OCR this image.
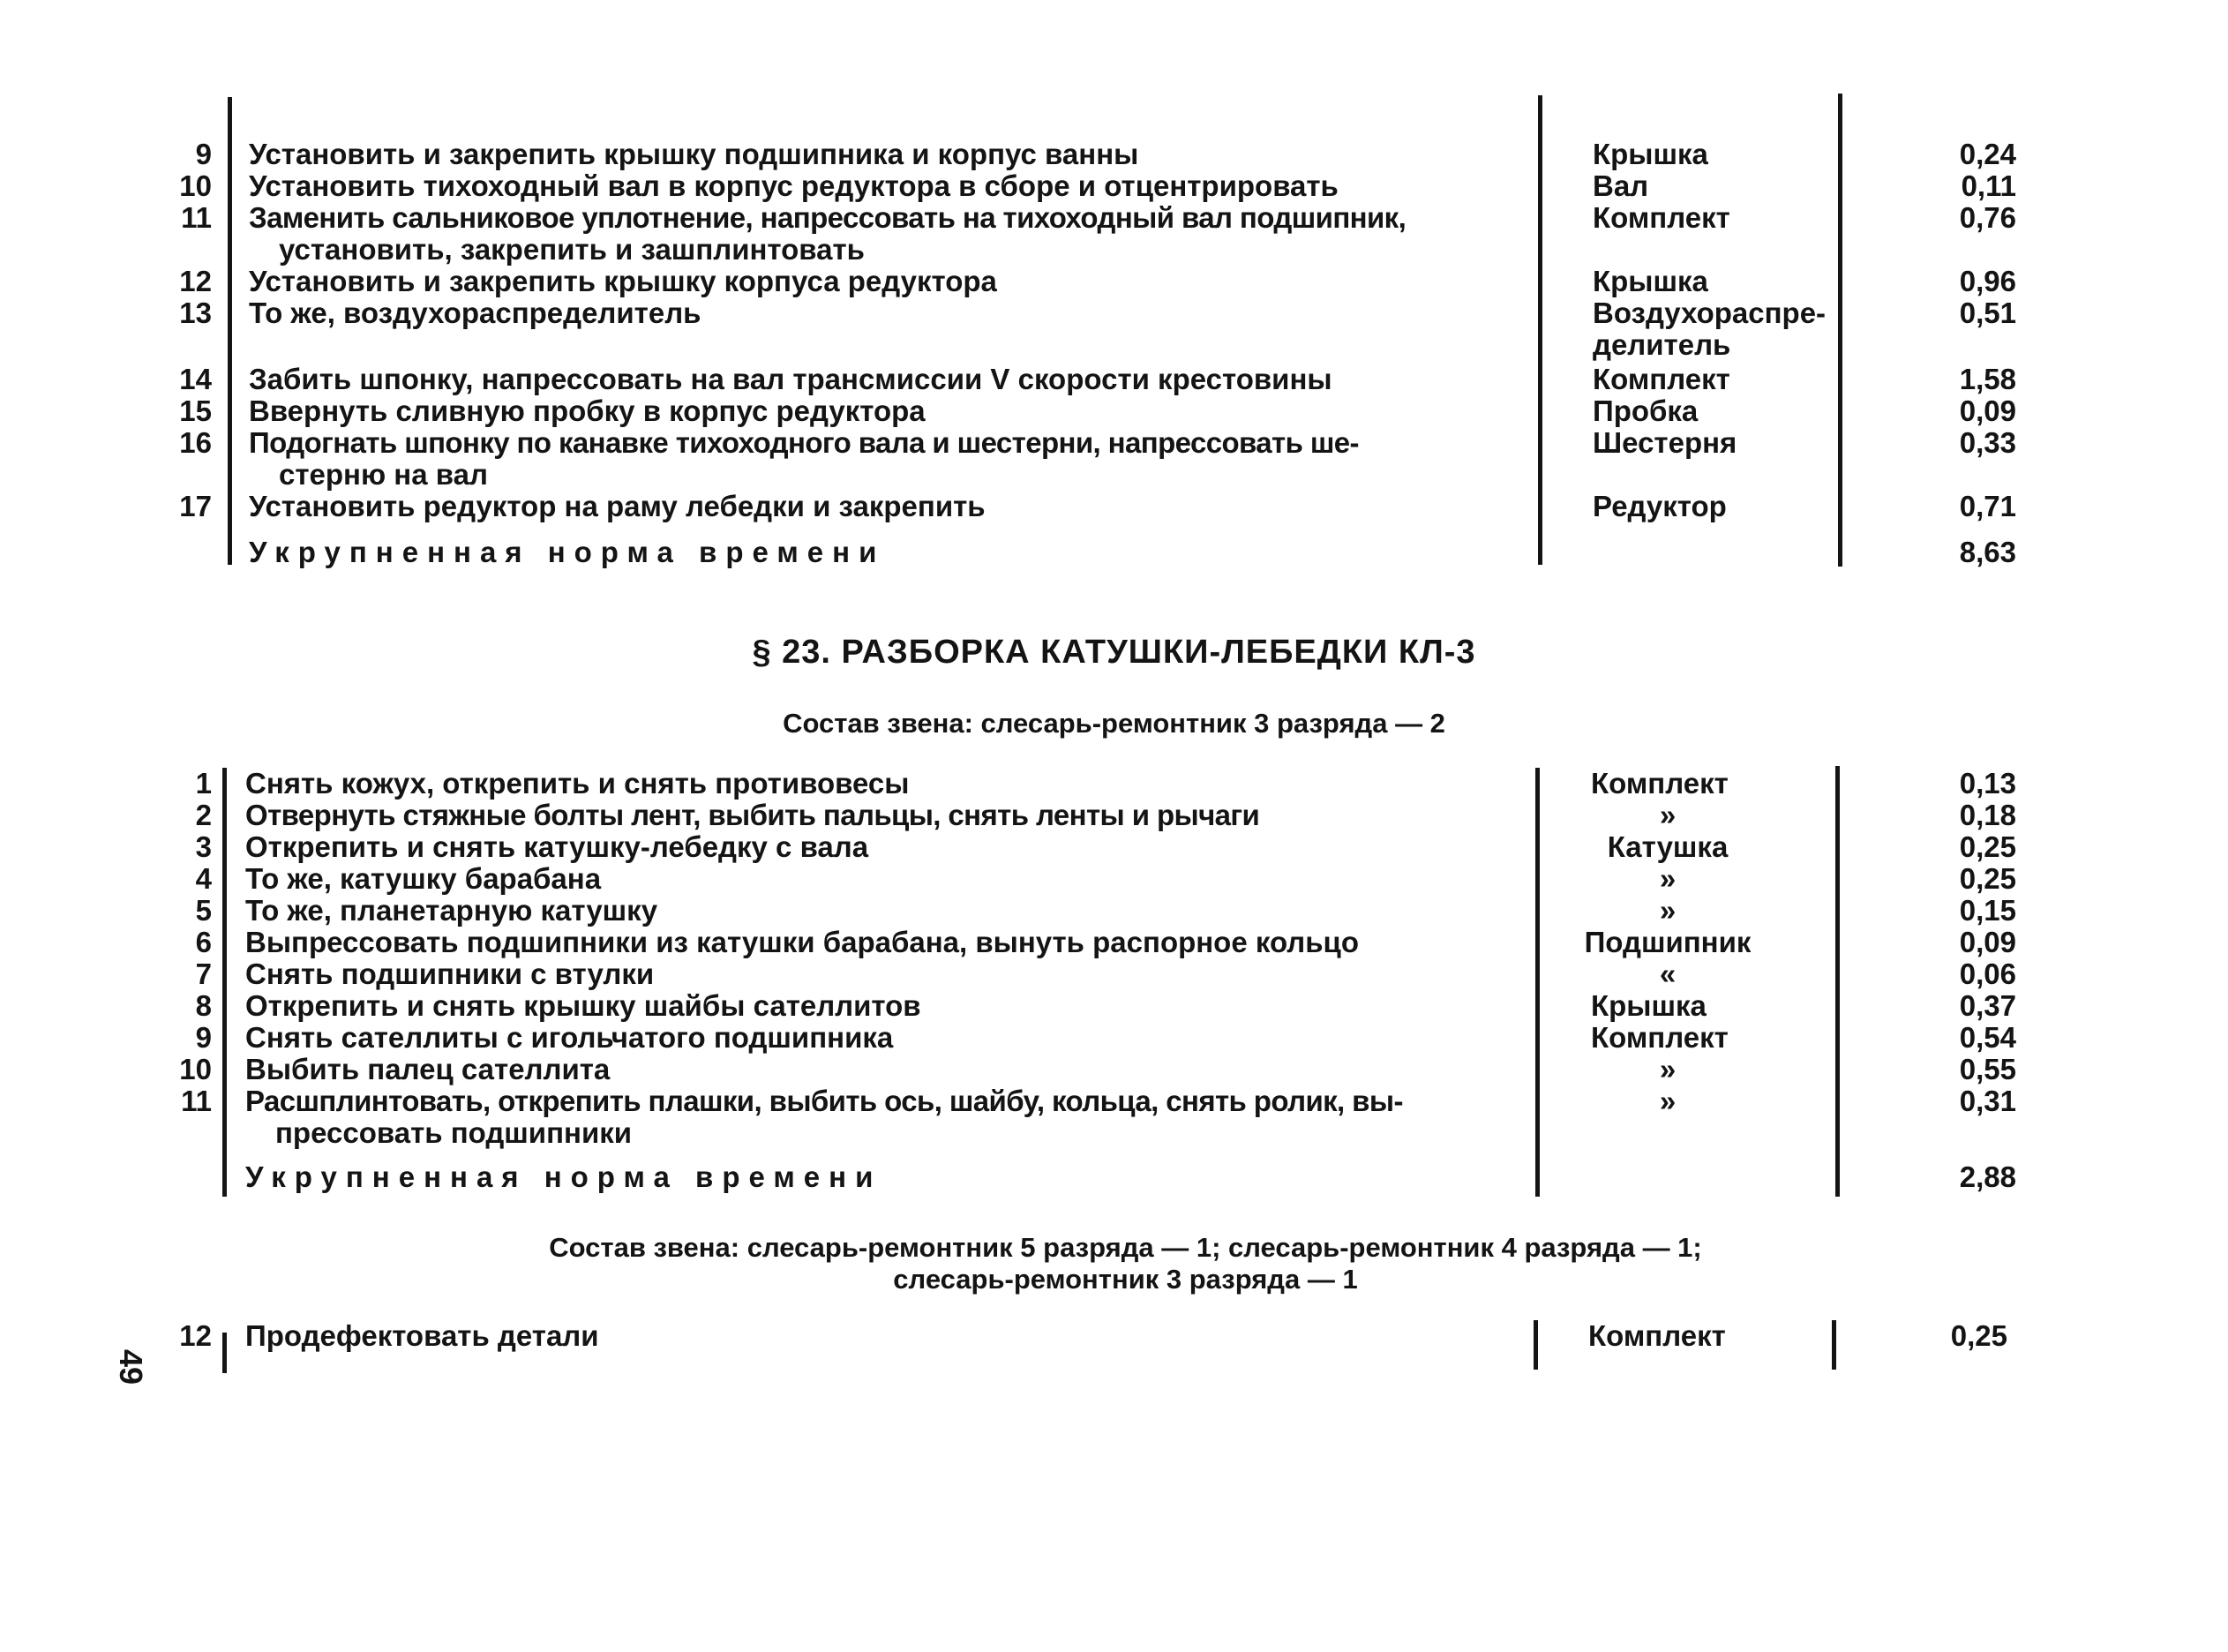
9 Установить и закрепить крышку подшипника и корпус ванны	Крышка	0,24
10 Установить тихоходный вал в корпус редуктора в сборе и отцентрировать	Вал	0,11
11 Заменить сальниковое уплотнение, напрессовать на тихоходный вал подшипник,	Комплект	0,76
установить, закрепить и зашплинтовать
12 Установить и закрепить крышку корпуса редуктора	Крышка	0,96
13 То же, воздухораспределитель	Воздухораспре-	0,51
делитель
14 Забить шпонку, напрессовать на вал трансмиссии V скорости крестовины	Комплект	1,58
15 Ввернуть сливную пробку в корпус редуктора	Пробка	0,09
16 Подогнать шпонку по канавке тихоходного вала и шестерни, напрессовать ше-	Шестерня	0,33
стерню на вал
17 Установить редуктор на раму лебедки и закрепить	Редуктор	0,71
Укрупненная норма времени	8,63
§ 23. РАЗБОРКА КАТУШКИ-ЛЕБЕДКИ КЛ-3
Состав звена: слесарь-ремонтник 3 разряда — 2
1 Снять кожух, открепить и снять противовесы	Комплект	0,13
2 Отвернуть стяжные болты лент, выбить пальцы, снять ленты и рычаги	»	0,18
3 Открепить и снять катушку-лебедку с вала	Катушка	0,25
4 То же, катушку барабана	»	0,25
5 То же, планетарную катушку	»	0,15
6 Выпрессовать подшипники из катушки барабана, вынуть распорное кольцо	Подшипник	0,09
7 Снять подшипники с втулки	«	0,06
8 Открепить и снять крышку шайбы сателлитов	Крышка	0,37
9 Снять сателлиты с игольчатого подшипника	Комплект	0,54
10 Выбить палец сателлита	»	0,55
11 Расшплинтовать, открепить плашки, выбить ось, шайбу, кольца, снять ролик, вы-	»	0,31
прессовать подшипники
Укрупненная норма времени	2,88
Состав звена: слесарь-ремонтник 5 разряда — 1; слесарь-ремонтник 4 разряда — 1;
слесарь-ремонтник 3 разряда — 1
12 Продефектовать детали	Комплект	0,25
49
